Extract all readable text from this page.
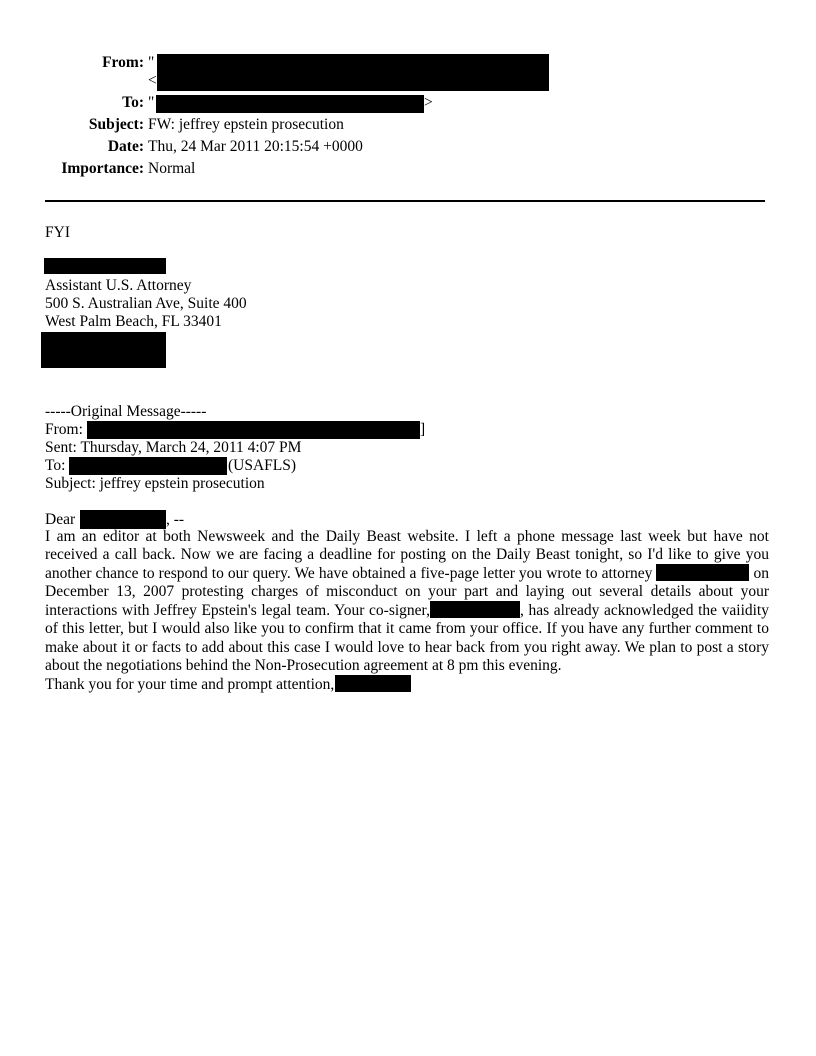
From: "
<
To: "	>
Subject: FW: jeffrey epstein prosecution
Date: Thu, 24 Mar 2011 20:15:54 +0000
Importance: Normal
FYI
Assistant U.S. Attorney
500 S. Australian Ave, Suite 400
West Palm Beach, FL 33401
-----Original Message-----
From:	]
Sent: Thursday, March 24, 2011 4:07 PM
To:	(USAFLS)
Subject: jeffrey epstein prosecution
Dear	, --
I am an editor at both Newsweek and the Daily Beast website. I left a phone message last week but have not received a call back. Now we are facing a deadline for posting on the Daily Beast tonight, so I'd like to give you another chance to respond to our query. We have obtained a five-page letter you wrote to attorney	on December 13, 2007 protesting charges of misconduct on your part and laying out several details about your interactions with Jeffrey Epstein's legal team. Your co-signer,	, has already acknowledged the vaiidity of this letter, but I would also like you to confirm that it came from your office. If you have any further comment to make about it or facts to add about this case I would love to hear back from you right away. We plan to post a story about the negotiations behind the Non-Prosecution agreement at 8 pm this evening.
Thank you for your time and prompt attention,
